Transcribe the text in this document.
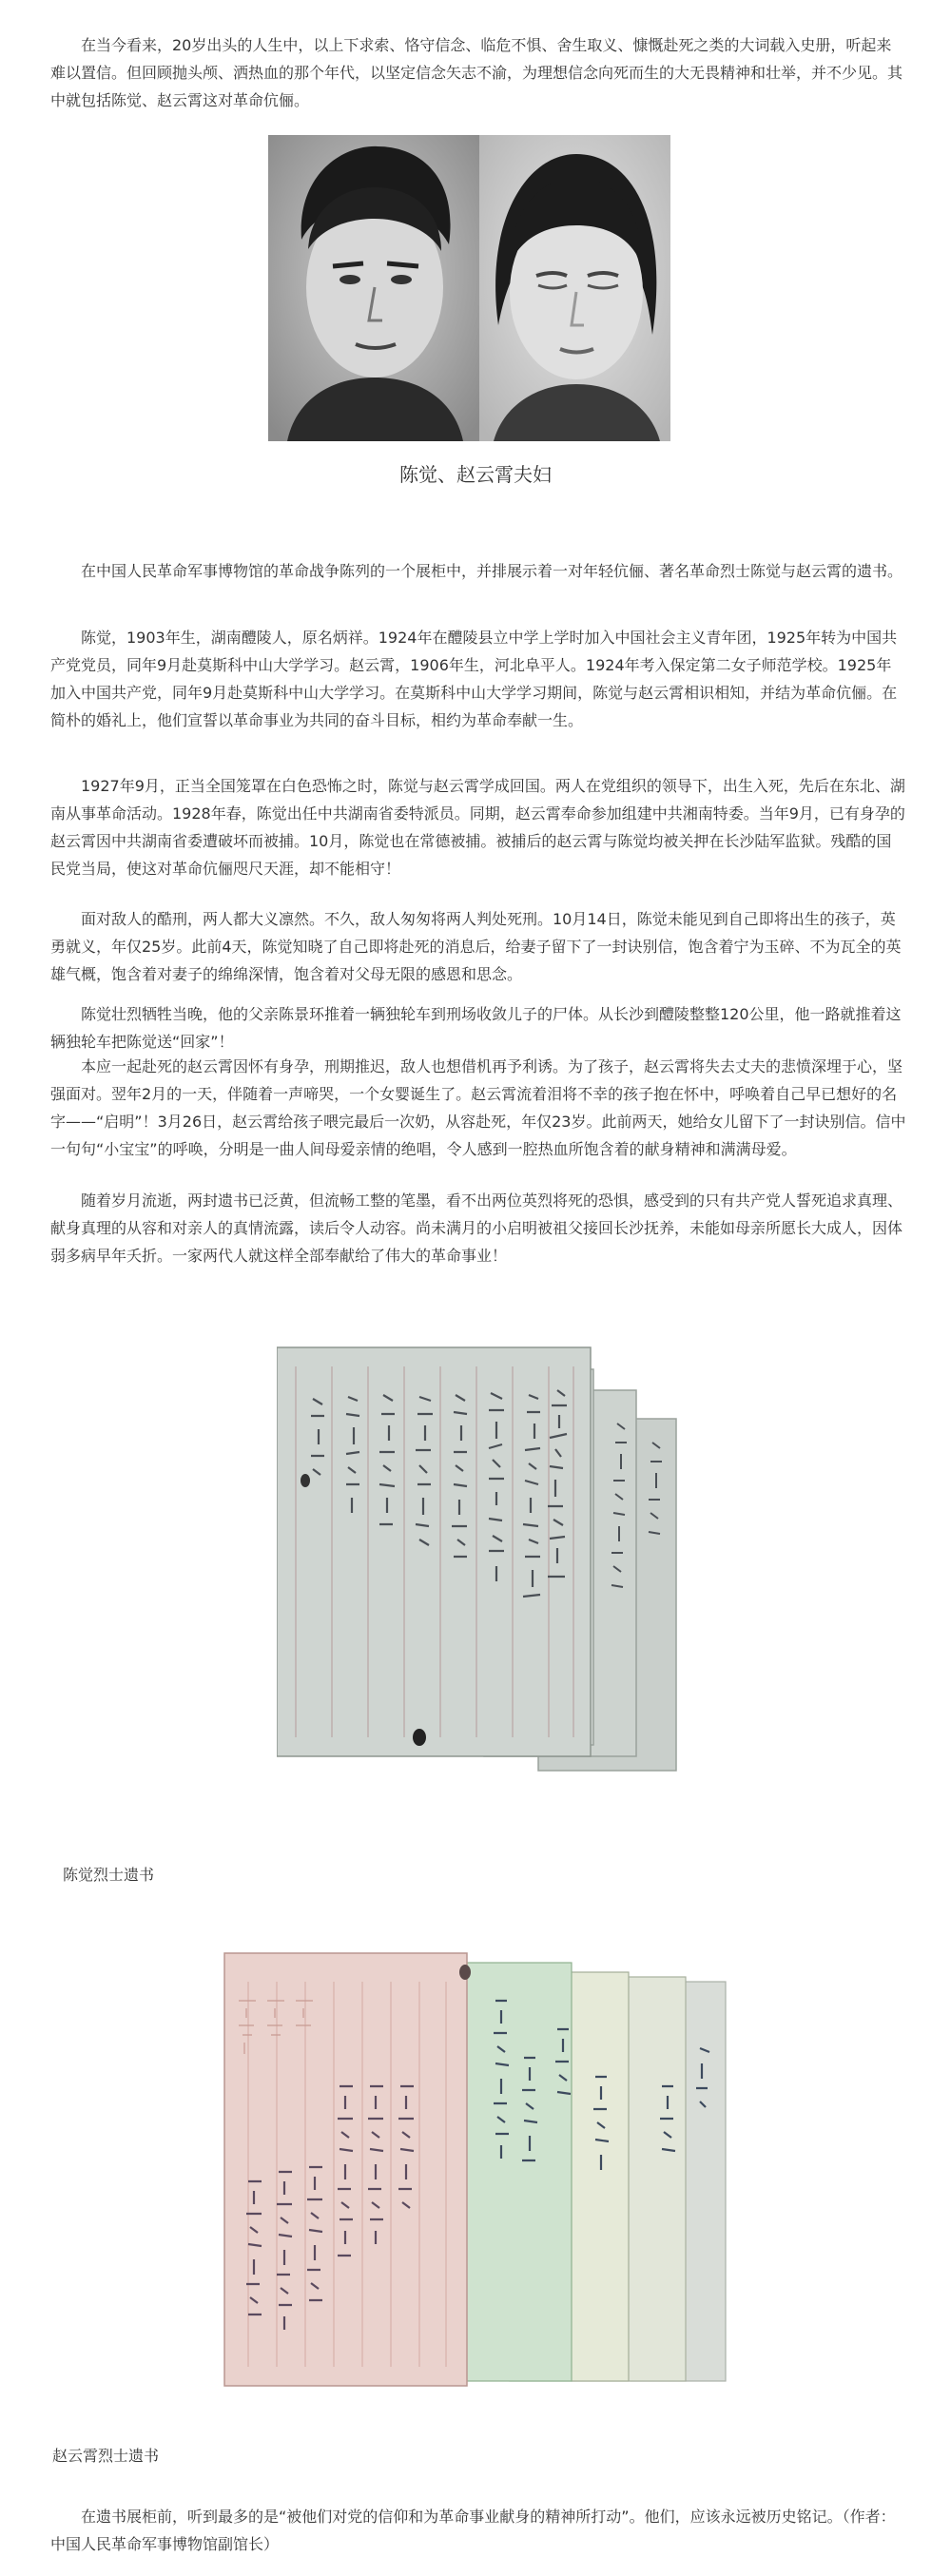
在当今看来，20岁出头的人生中，以上下求索、恪守信念、临危不惧、舍生取义、慷慨赴死之类的大词载入史册，听起来难以置信。但回顾抛头颅、洒热血的那个年代，以坚定信念矢志不渝，为理想信念向死而生的大无畏精神和壮举，并不少见。其中就包括陈觉、赵云霄这对革命伉俪。

陈觉、赵云霄夫妇

在中国人民革命军事博物馆的革命战争陈列的一个展柜中，并排展示着一对年轻伉俪、著名革命烈士陈觉与赵云霄的遗书。

陈觉，1903年生，湖南醴陵人，原名炳祥。1924年在醴陵县立中学上学时加入中国社会主义青年团，1925年转为中国共产党党员，同年9月赴莫斯科中山大学学习。赵云霄，1906年生，河北阜平人。1924年考入保定第二女子师范学校。1925年加入中国共产党，同年9月赴莫斯科中山大学学习。在莫斯科中山大学学习期间，陈觉与赵云霄相识相知，并结为革命伉俪。在简朴的婚礼上，他们宣誓以革命事业为共同的奋斗目标，相约为革命奉献一生。

1927年9月，正当全国笼罩在白色恐怖之时，陈觉与赵云霄学成回国。两人在党组织的领导下，出生入死，先后在东北、湖南从事革命活动。1928年春，陈觉出任中共湖南省委特派员。同期，赵云霄奉命参加组建中共湘南特委。当年9月，已有身孕的赵云霄因中共湖南省委遭破坏而被捕。10月，陈觉也在常德被捕。被捕后的赵云霄与陈觉均被关押在长沙陆军监狱。残酷的国民党当局，使这对革命伉俪咫尺天涯，却不能相守！

面对敌人的酷刑，两人都大义凛然。不久，敌人匆匆将两人判处死刑。10月14日，陈觉未能见到自己即将出生的孩子，英勇就义，年仅25岁。此前4天，陈觉知晓了自己即将赴死的消息后，给妻子留下了一封诀别信，饱含着宁为玉碎、不为瓦全的英雄气概，饱含着对妻子的绵绵深情，饱含着对父母无限的感恩和思念。

陈觉壮烈牺牲当晚，他的父亲陈景环推着一辆独轮车到刑场收敛儿子的尸体。从长沙到醴陵整整120公里，他一路就推着这辆独轮车把陈觉送“回家”！

本应一起赴死的赵云霄因怀有身孕，刑期推迟，敌人也想借机再予利诱。为了孩子，赵云霄将失去丈夫的悲愤深埋于心，坚强面对。翌年2月的一天，伴随着一声啼哭，一个女婴诞生了。赵云霄流着泪将不幸的孩子抱在怀中，呼唤着自己早已想好的名字——“启明”！3月26日，赵云霄给孩子喂完最后一次奶，从容赴死，年仅23岁。此前两天，她给女儿留下了一封诀别信。信中一句句“小宝宝”的呼唤，分明是一曲人间母爱亲情的绝唱，令人感到一腔热血所饱含着的献身精神和满满母爱。

随着岁月流逝，两封遗书已泛黄，但流畅工整的笔墨，看不出两位英烈将死的恐惧，感受到的只有共产党人誓死追求真理、献身真理的从容和对亲人的真情流露，读后令人动容。尚未满月的小启明被祖父接回长沙抚养，未能如母亲所愿长大成人，因体弱多病早年夭折。一家两代人就这样全部奉献给了伟大的革命事业！

陈觉烈士遗书

赵云霄烈士遗书

在遗书展柜前，听到最多的是“被他们对党的信仰和为革命事业献身的精神所打动”。他们，应该永远被历史铭记。（作者：中国人民革命军事博物馆副馆长）
